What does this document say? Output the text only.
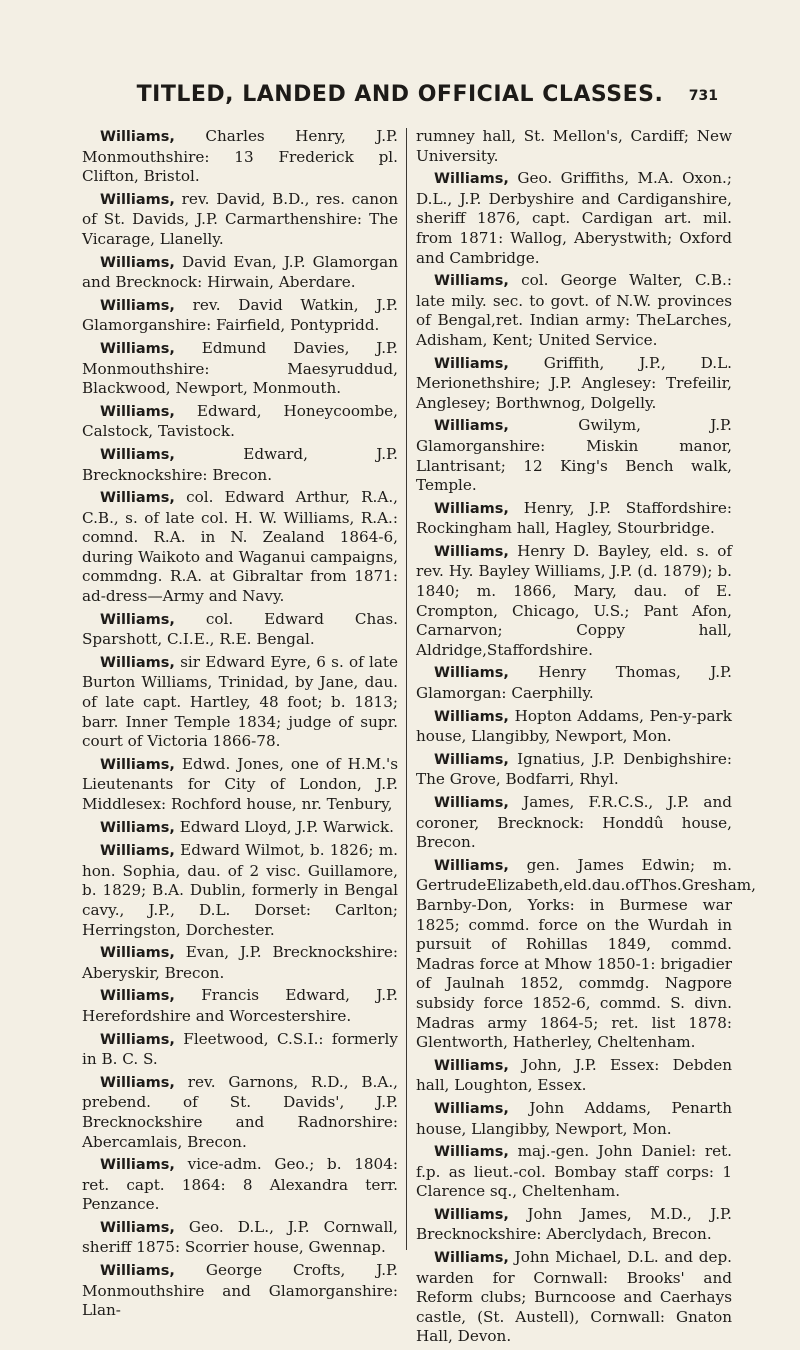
TITLED, LANDED AND OFFICIAL CLASSES.	731

Williams, Charles Henry, J.P. Monmouthshire: 13 Frederick pl. Clifton, Bristol.

Williams, rev. David, B.D., res. canon of St. Davids, J.P. Carmarthenshire: The Vicarage, Llanelly.

Williams, David Evan, J.P. Glamorgan and Brecknock: Hirwain, Aberdare.

Williams, rev. David Watkin, J.P. Glamorganshire: Fairfield, Pontypridd.

Williams, Edmund Davies, J.P. Monmouthshire: Maesyruddud, Blackwood, Newport, Monmouth.

Williams, Edward, Honeycoombe, Calstock, Tavistock.

Williams, Edward, J.P. Brecknockshire: Brecon.

Williams, col. Edward Arthur, R.A., C.B., s. of late col. H. W. Williams, R.A.: comnd. R.A. in N. Zealand 1864-6, during Waikoto and Waganui campaigns, commdng. R.A. at Gibraltar from 1871: ad-dress—Army and Navy.

Williams, col. Edward Chas. Sparshott, C.I.E., R.E. Bengal.

Williams, sir Edward Eyre, 6 s. of late Burton Williams, Trinidad, by Jane, dau. of late capt. Hartley, 48 foot; b. 1813; barr. Inner Temple 1834; judge of supr. court of Victoria 1866-78.

Williams, Edwd. Jones, one of H.M.'s Lieutenants for City of London, J.P. Middlesex: Rochford house, nr. Tenbury,

Williams, Edward Lloyd, J.P. Warwick.

Williams, Edward Wilmot, b. 1826; m. hon. Sophia, dau. of 2 visc. Guillamore, b. 1829; B.A. Dublin, formerly in Bengal cavy., J.P., D.L. Dorset: Carlton; Herringston, Dorchester.

Williams, Evan, J.P. Brecknockshire: Aberyskir, Brecon.

Williams, Francis Edward, J.P. Herefordshire and Worcestershire.

Williams, Fleetwood, C.S.I.: formerly in B. C. S.

Williams, rev. Garnons, R.D., B.A., prebend. of St. Davids', J.P. Brecknockshire and Radnorshire: Abercamlais, Brecon.

Williams, vice-adm. Geo.; b. 1804: ret. capt. 1864: 8 Alexandra terr. Penzance.

Williams, Geo. D.L., J.P. Cornwall, sheriff 1875: Scorrier house, Gwennap.

Williams, George Crofts, J.P. Monmouthshire and Glamorganshire: Llan-

rumney hall, St. Mellon's, Cardiff; New University.

Williams, Geo. Griffiths, M.A. Oxon.; D.L., J.P. Derbyshire and Cardiganshire, sheriff 1876, capt. Cardigan art. mil. from 1871: Wallog, Aberystwith; Oxford and Cambridge.

Williams, col. George Walter, C.B.: late mily. sec. to govt. of N.W. provinces of Bengal,ret. Indian army: TheLarches, Adisham, Kent; United Service.

Williams, Griffith, J.P., D.L. Merionethshire; J.P. Anglesey: Trefeilir, Anglesey; Borthwnog, Dolgelly.

Williams, Gwilym, J.P. Glamorganshire: Miskin manor, Llantrisant; 12 King's Bench walk, Temple.

Williams, Henry, J.P. Staffordshire: Rockingham hall, Hagley, Stourbridge.

Williams, Henry D. Bayley, eld. s. of rev. Hy. Bayley Williams, J.P. (d. 1879); b. 1840; m. 1866, Mary, dau. of E. Crompton, Chicago, U.S.; Pant Afon, Carnarvon; Coppy hall, Aldridge,Staffordshire.

Williams, Henry Thomas, J.P. Glamorgan: Caerphilly.

Williams, Hopton Addams, Pen-y-park house, Llangibby, Newport, Mon.

Williams, Ignatius, J.P. Denbighshire: The Grove, Bodfarri, Rhyl.

Williams, James, F.R.C.S., J.P. and coroner, Brecknock: Honddû house, Brecon.

Williams, gen. James Edwin; m. GertrudeElizabeth,eld.dau.ofThos.Gresham, Barnby-Don, Yorks: in Burmese war 1825; commd. force on the Wurdah in pursuit of Rohillas 1849, commd. Madras force at Mhow 1850-1: brigadier of Jaulnah 1852, commdg. Nagpore subsidy force 1852-6, commd. S. divn. Madras army 1864-5; ret. list 1878: Glentworth, Hatherley, Cheltenham.

Williams, John, J.P. Essex: Debden hall, Loughton, Essex.

Williams, John Addams, Penarth house, Llangibby, Newport, Mon.

Williams, maj.-gen. John Daniel: ret. f.p. as lieut.-col. Bombay staff corps: 1 Clarence sq., Cheltenham.

Williams, John James, M.D., J.P. Brecknockshire: Aberclydach, Brecon.

Williams, John Michael, D.L. and dep. warden for Cornwall: Brooks' and Reform clubs; Burncoose and Caerhays castle, (St. Austell), Cornwall: Gnaton Hall, Devon.
